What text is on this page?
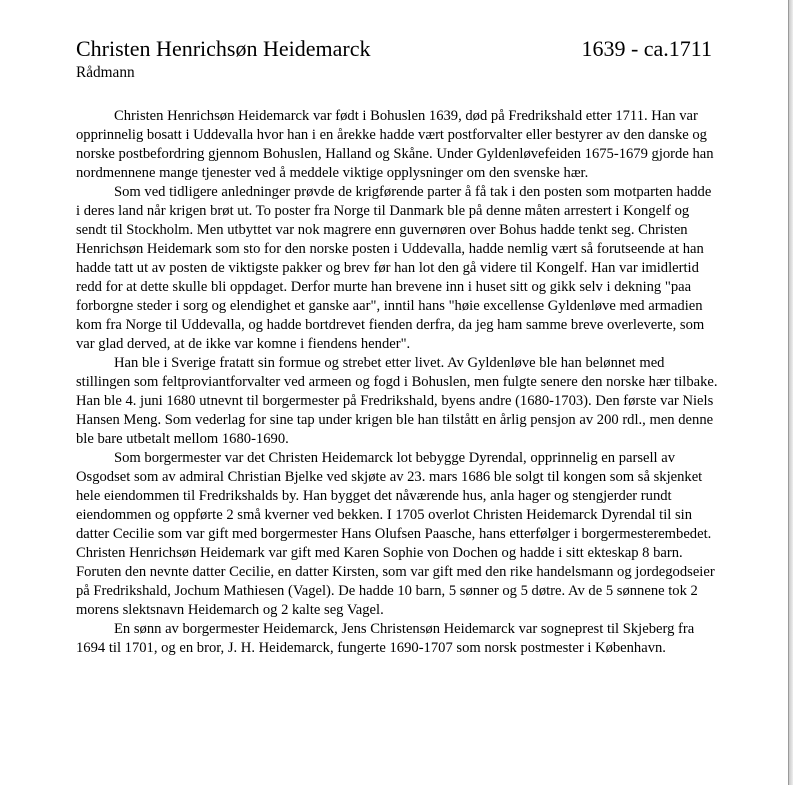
Christen Henrichsøn Heidemarck	1639 - ca.1711
Rådmann

Christen Henrichsøn Heidemarck var født i Bohuslen 1639, død på Fredrikshald etter 1711. Han var opprinnelig bosatt i Uddevalla hvor han i en årekke hadde vært postforvalter eller bestyrer av den danske og norske postbefordring gjennom Bohuslen, Halland og Skåne. Under Gyldenløvefeiden 1675-1679 gjorde han nordmennene mange tjenester ved å meddele viktige opplysninger om den svenske hær.

Som ved tidligere anledninger prøvde de krigførende parter å få tak i den posten som motparten hadde i deres land når krigen brøt ut. To poster fra Norge til Danmark ble på denne måten arrestert i Kongelf og sendt til Stockholm. Men utbyttet var nok magrere enn guvernøren over Bohus hadde tenkt seg. Christen Henrichsøn Heidemark som sto for den norske posten i Uddevalla, hadde nemlig vært så forutseende at han hadde tatt ut av posten de viktigste pakker og brev før han lot den gå videre til Kongelf. Han var imidlertid redd for at dette skulle bli oppdaget. Derfor murte han brevene inn i huset sitt og gikk selv i dekning "paa forborgne steder i sorg og elendighet et ganske aar", inntil hans "høie excellense Gyldenløve med armadien kom fra Norge til Uddevalla, og hadde bortdrevet fienden derfra, da jeg ham samme breve overleverte, som var glad derved, at de ikke var komne i fiendens hender".

Han ble i Sverige fratatt sin formue og strebet etter livet. Av Gyldenløve ble han belønnet med stillingen som feltproviantforvalter ved armeen og fogd i Bohuslen, men fulgte senere den norske hær tilbake. Han ble 4. juni 1680 utnevnt til borgermester på Fredrikshald, byens andre (1680-1703). Den første var Niels Hansen Meng. Som vederlag for sine tap under krigen ble han tilstått en årlig pensjon av 200 rdl., men denne ble bare utbetalt mellom 1680-1690.

Som borgermester var det Christen Heidemarck lot bebygge Dyrendal, opprinnelig en parsell av Osgodset som av admiral Christian Bjelke ved skjøte av 23. mars 1686 ble solgt til kongen som så skjenket hele eiendommen til Fredrikshalds by. Han bygget det nåværende hus, anla hager og stengjerder rundt eiendommen og oppførte 2 små kverner ved bekken. I 1705 overlot Christen Heidemarck Dyrendal til sin datter Cecilie som var gift med borgermester Hans Olufsen Paasche, hans etterfølger i borgermesterembedet. Christen Henrichsøn Heidemark var gift med Karen Sophie von Dochen og hadde i sitt ekteskap 8 barn. Foruten den nevnte datter Cecilie, en datter Kirsten, som var gift med den rike handelsmann og jordegodseier på Fredrikshald, Jochum Mathiesen (Vagel). De hadde 10 barn, 5 sønner og 5 døtre. Av de 5 sønnene tok 2 morens slektsnavn Heidemarch og 2 kalte seg Vagel.

En sønn av borgermester Heidemarck, Jens Christensøn Heidemarck var sogneprest til Skjeberg fra 1694 til 1701, og en bror, J. H. Heidemarck, fungerte 1690-1707 som norsk postmester i København.
